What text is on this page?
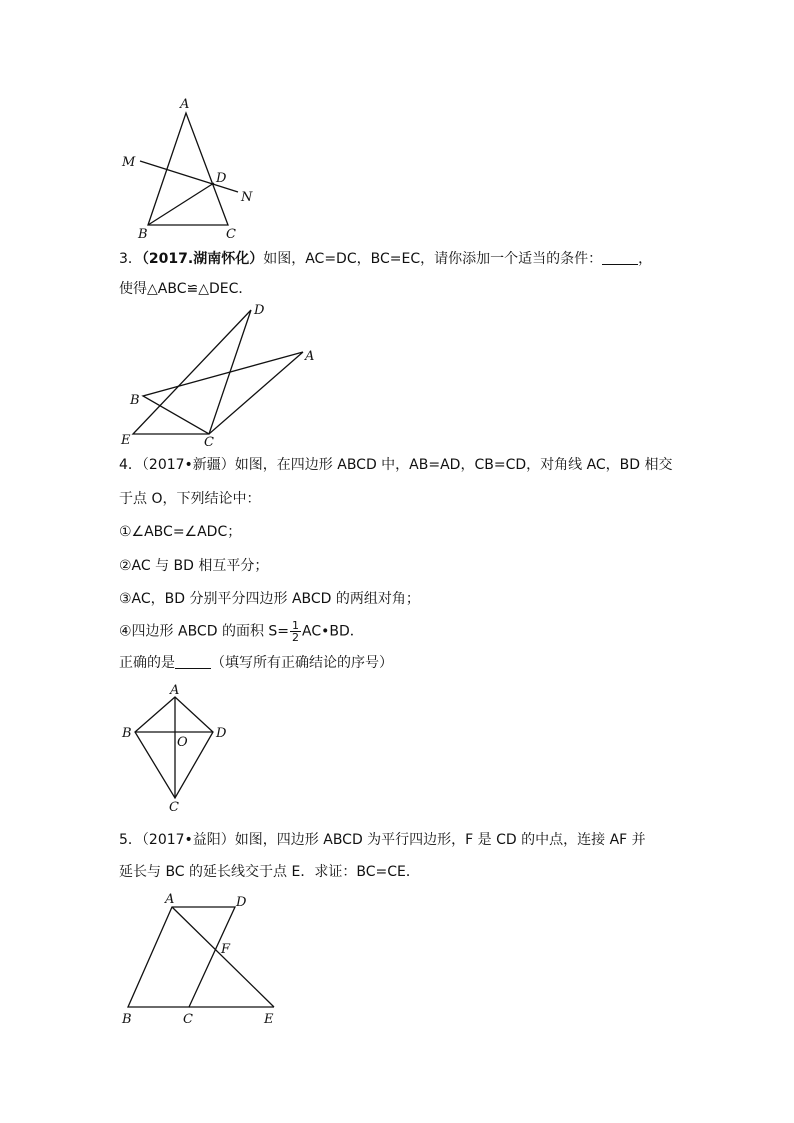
A
M
D
N
B	C
3．（2017.湖南怀化）如图，AC=DC，BC=EC，请你添加一个适当的条件：	，
使得△ABC≌△DEC．
D
A
B
E	C
4．（2017•新疆）如图，在四边形 ABCD 中，AB=AD，CB=CD，对角线 AC，BD 相交
于点 O，下列结论中：
①∠ABC=∠ADC；
②AC 与 BD 相互平分；
③AC，BD 分别平分四边形 ABCD 的两组对角；
④四边形 ABCD 的面积 $S= \frac{1}{2}$ AC•BD．
正确的是	（填写所有正确结论的序号）
A
B
O
D
C
5．（2017•益阳）如图，四边形 ABCD 为平行四边形，F 是 CD 的中点，连接 AF 并
延长与 BC 的延长线交于点 E．求证：BC=CE．
A	D
F
B	C	E
